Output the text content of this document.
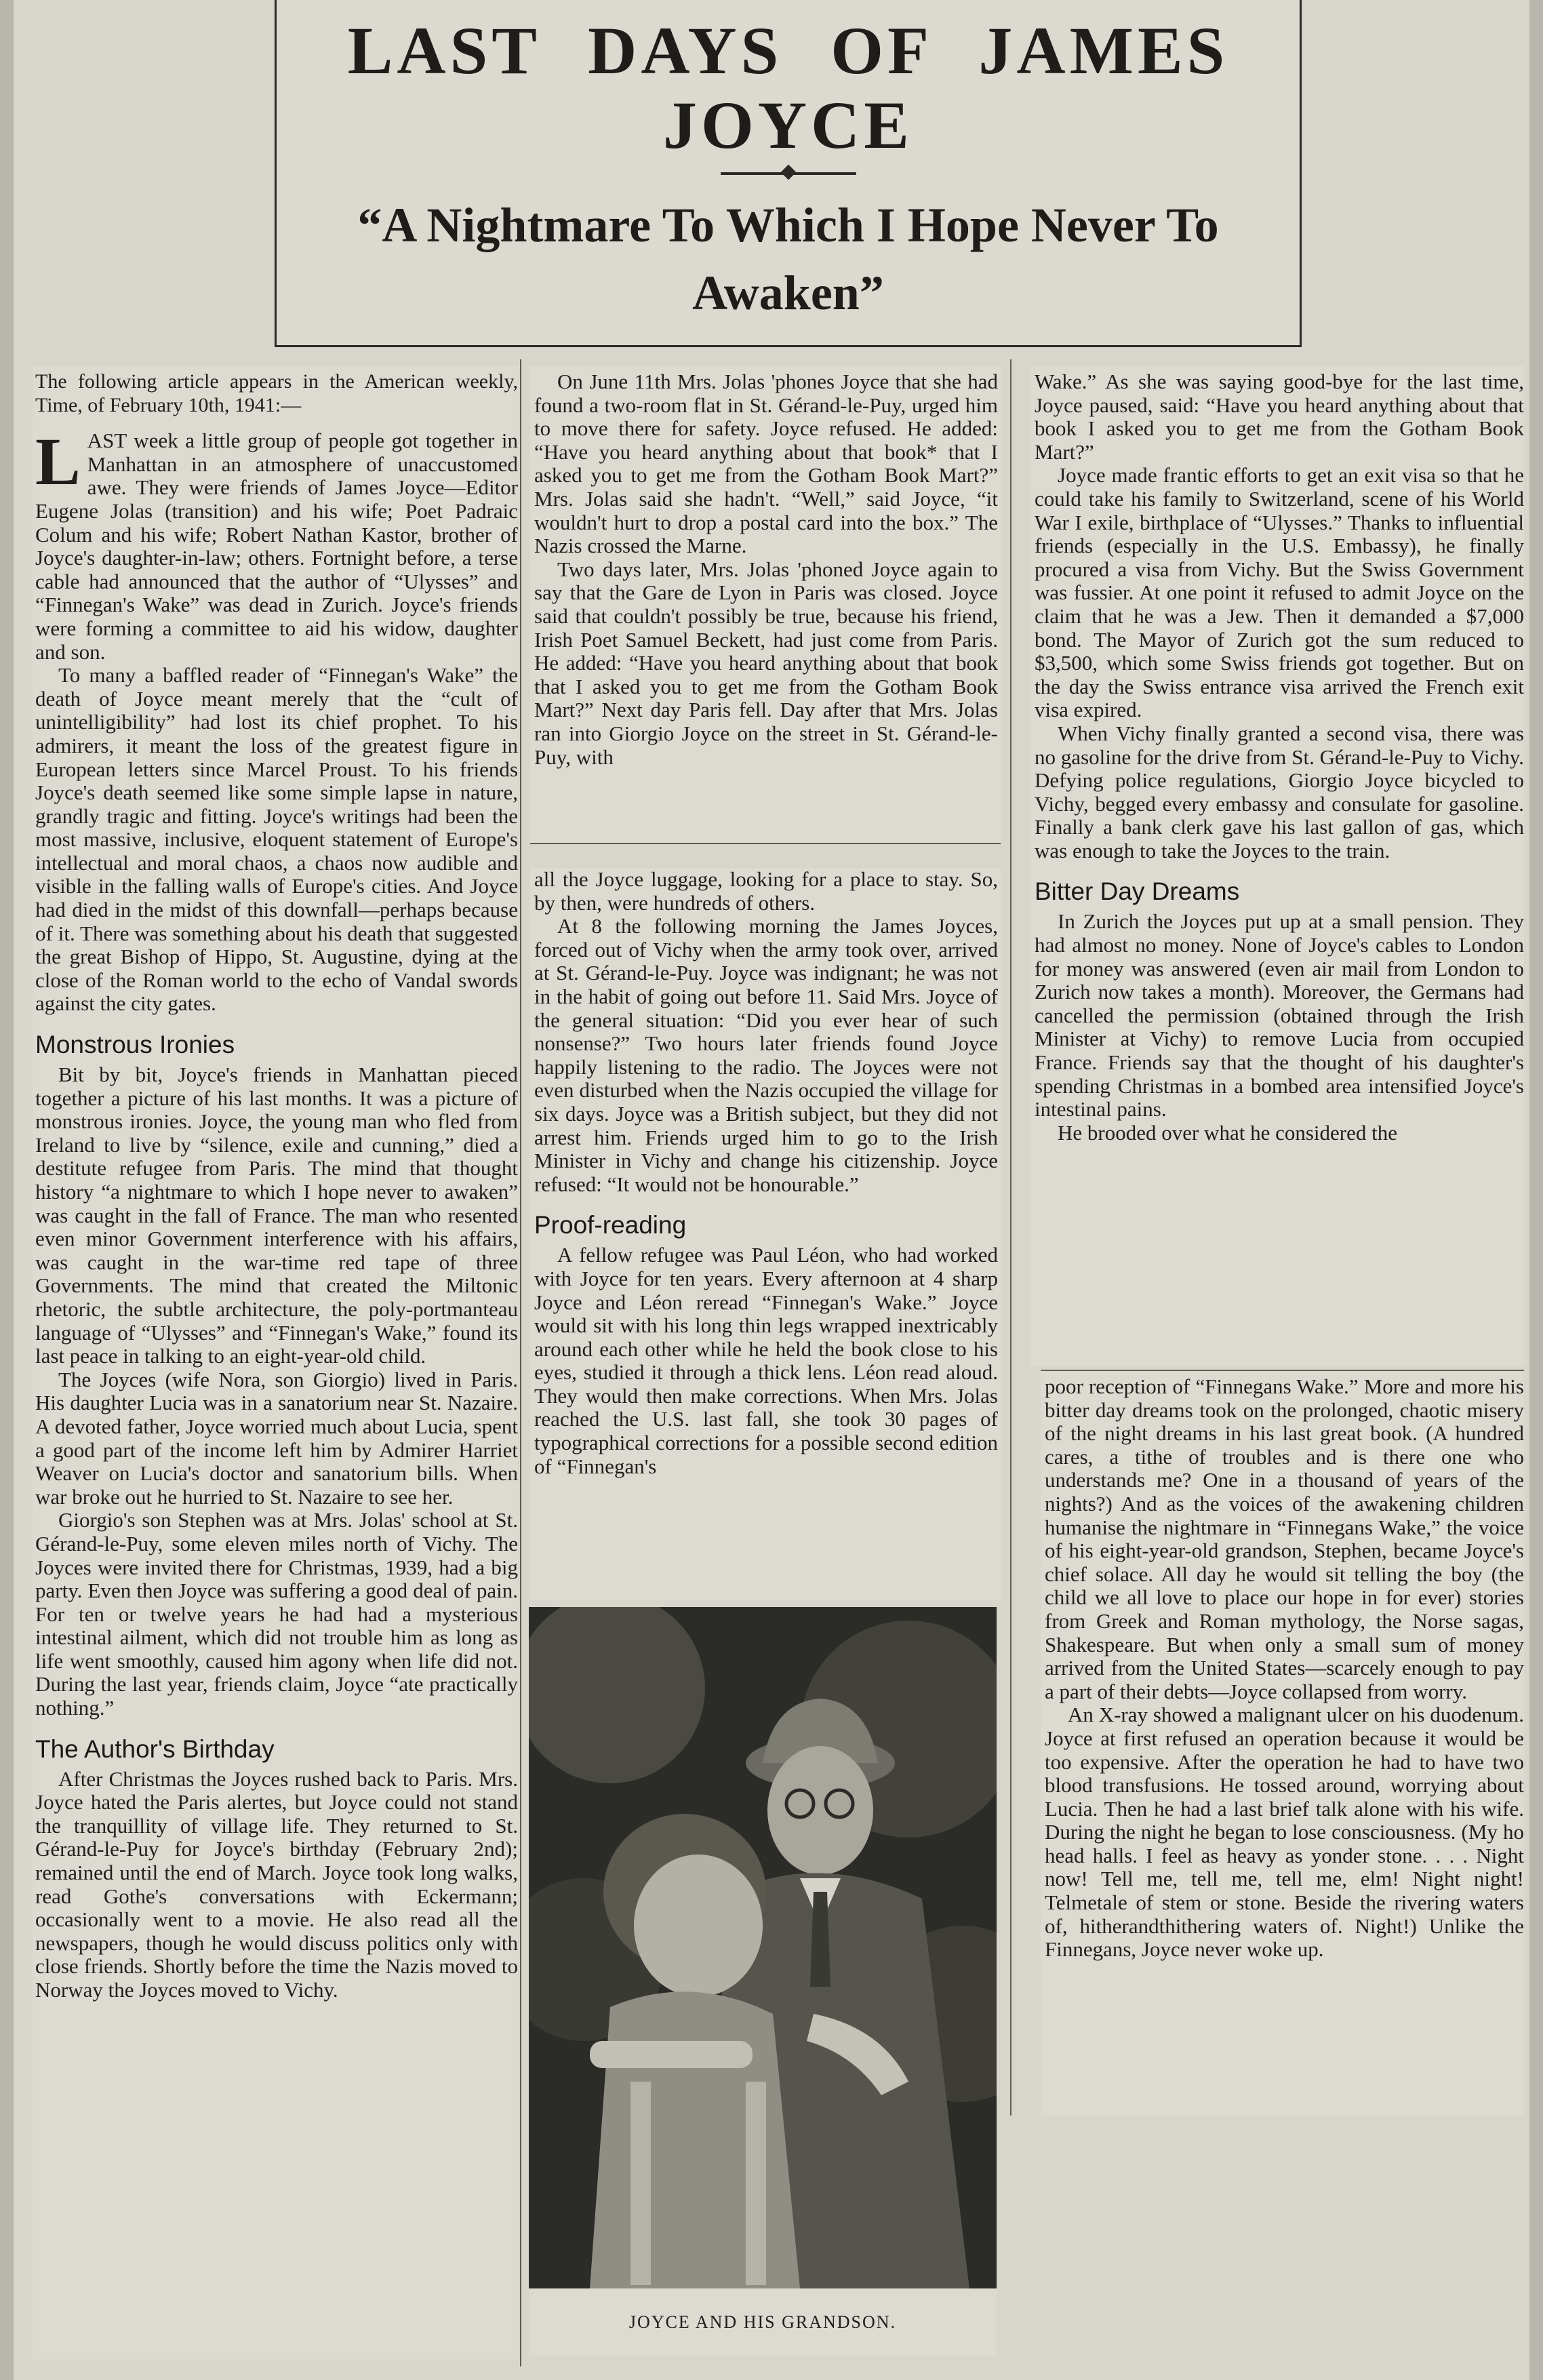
LAST DAYS OF JAMES JOYCE
“A Nightmare To Which I Hope Never To Awaken”

The following article appears in the American weekly, Time, of February 10th, 1941:—

LAST week a little group of people got together in Manhattan in an atmosphere of unaccustomed awe. They were friends of James Joyce—Editor Eugene Jolas (transition) and his wife; Poet Padraic Colum and his wife; Robert Nathan Kastor, brother of Joyce's daughter-in-law; others. Fortnight before, a terse cable had announced that the author of “Ulysses” and “Finnegan's Wake” was dead in Zurich. Joyce's friends were forming a committee to aid his widow, daughter and son.

To many a baffled reader of “Finnegan's Wake” the death of Joyce meant merely that the “cult of unintelligibility” had lost its chief prophet. To his admirers, it meant the loss of the greatest figure in European letters since Marcel Proust. To his friends Joyce's death seemed like some simple lapse in nature, grandly tragic and fitting. Joyce's writings had been the most massive, inclusive, eloquent statement of Europe's intellectual and moral chaos, a chaos now audible and visible in the falling walls of Europe's cities. And Joyce had died in the midst of this downfall—perhaps because of it. There was something about his death that suggested the great Bishop of Hippo, St. Augustine, dying at the close of the Roman world to the echo of Vandal swords against the city gates.

Monstrous Ironies

Bit by bit, Joyce's friends in Manhattan pieced together a picture of his last months. It was a picture of monstrous ironies. Joyce, the young man who fled from Ireland to live by “silence, exile and cunning,” died a destitute refugee from Paris. The mind that thought history “a nightmare to which I hope never to awaken” was caught in the fall of France. The man who resented even minor Government interference with his affairs, was caught in the war-time red tape of three Governments. The mind that created the Miltonic rhetoric, the subtle architecture, the poly-portmanteau language of “Ulysses” and “Finnegan's Wake,” found its last peace in talking to an eight-year-old child.

The Joyces (wife Nora, son Giorgio) lived in Paris. His daughter Lucia was in a sanatorium near St. Nazaire. A devoted father, Joyce worried much about Lucia, spent a good part of the income left him by Admirer Harriet Weaver on Lucia's doctor and sanatorium bills. When war broke out he hurried to St. Nazaire to see her.

Giorgio's son Stephen was at Mrs. Jolas' school at St. Gérand-le-Puy, some eleven miles north of Vichy. The Joyces were invited there for Christmas, 1939, had a big party. Even then Joyce was suffering a good deal of pain. For ten or twelve years he had had a mysterious intestinal ailment, which did not trouble him as long as life went smoothly, caused him agony when life did not. During the last year, friends claim, Joyce “ate practically nothing.”

The Author's Birthday

After Christmas the Joyces rushed back to Paris. Mrs. Joyce hated the Paris alertes, but Joyce could not stand the tranquillity of village life. They returned to St. Gérand-le-Puy for Joyce's birthday (February 2nd); remained until the end of March. Joyce took long walks, read Gothe's conversations with Eckermann; occasionally went to a movie. He also read all the newspapers, though he would discuss politics only with close friends. Shortly before the time the Nazis moved to Norway the Joyces moved to Vichy.

On June 11th Mrs. Jolas 'phones Joyce that she had found a two-room flat in St. Gérand-le-Puy, urged him to move there for safety. Joyce refused. He added: “Have you heard anything about that book* that I asked you to get me from the Gotham Book Mart?” Mrs. Jolas said she hadn't. “Well,” said Joyce, “it wouldn't hurt to drop a postal card into the box.” The Nazis crossed the Marne.

Two days later, Mrs. Jolas 'phoned Joyce again to say that the Gare de Lyon in Paris was closed. Joyce said that couldn't possibly be true, because his friend, Irish Poet Samuel Beckett, had just come from Paris. He added: “Have you heard anything about that book that I asked you to get me from the Gotham Book Mart?” Next day Paris fell. Day after that Mrs. Jolas ran into Giorgio Joyce on the street in St. Gérand-le-Puy, with

all the Joyce luggage, looking for a place to stay. So, by then, were hundreds of others.

At 8 the following morning the James Joyces, forced out of Vichy when the army took over, arrived at St. Gérand-le-Puy. Joyce was indignant; he was not in the habit of going out before 11. Said Mrs. Joyce of the general situation: “Did you ever hear of such nonsense?” Two hours later friends found Joyce happily listening to the radio. The Joyces were not even disturbed when the Nazis occupied the village for six days. Joyce was a British subject, but they did not arrest him. Friends urged him to go to the Irish Minister in Vichy and change his citizenship. Joyce refused: “It would not be honourable.”

Proof-reading

A fellow refugee was Paul Léon, who had worked with Joyce for ten years. Every afternoon at 4 sharp Joyce and Léon reread “Finnegan's Wake.” Joyce would sit with his long thin legs wrapped inextricably around each other while he held the book close to his eyes, studied it through a thick lens. Léon read aloud. They would then make corrections. When Mrs. Jolas reached the U.S. last fall, she took 30 pages of typographical corrections for a possible second edition of “Finnegan's

JOYCE AND HIS GRANDSON.

Wake.” As she was saying good-bye for the last time, Joyce paused, said: “Have you heard anything about that book I asked you to get me from the Gotham Book Mart?”

Joyce made frantic efforts to get an exit visa so that he could take his family to Switzerland, scene of his World War I exile, birthplace of “Ulysses.” Thanks to influential friends (especially in the U.S. Embassy), he finally procured a visa from Vichy. But the Swiss Government was fussier. At one point it refused to admit Joyce on the claim that he was a Jew. Then it demanded a $7,000 bond. The Mayor of Zurich got the sum reduced to $3,500, which some Swiss friends got together. But on the day the Swiss entrance visa arrived the French exit visa expired.

When Vichy finally granted a second visa, there was no gasoline for the drive from St. Gérand-le-Puy to Vichy. Defying police regulations, Giorgio Joyce bicycled to Vichy, begged every embassy and consulate for gasoline. Finally a bank clerk gave his last gallon of gas, which was enough to take the Joyces to the train.

Bitter Day Dreams

In Zurich the Joyces put up at a small pension. They had almost no money. None of Joyce's cables to London for money was answered (even air mail from London to Zurich now takes a month). Moreover, the Germans had cancelled the permission (obtained through the Irish Minister at Vichy) to remove Lucia from occupied France. Friends say that the thought of his daughter's spending Christmas in a bombed area intensified Joyce's intestinal pains.

He brooded over what he considered the

poor reception of “Finnegans Wake.” More and more his bitter day dreams took on the prolonged, chaotic misery of the night dreams in his last great book. (A hundred cares, a tithe of troubles and is there one who understands me? One in a thousand of years of the nights?) And as the voices of the awakening children humanise the nightmare in “Finnegans Wake,” the voice of his eight-year-old grandson, Stephen, became Joyce's chief solace. All day he would sit telling the boy (the child we all love to place our hope in for ever) stories from Greek and Roman mythology, the Norse sagas, Shakespeare. But when only a small sum of money arrived from the United States—scarcely enough to pay a part of their debts—Joyce collapsed from worry.

An X-ray showed a malignant ulcer on his duodenum. Joyce at first refused an operation because it would be too expensive. After the operation he had to have two blood transfusions. He tossed around, worrying about Lucia. Then he had a last brief talk alone with his wife. During the night he began to lose consciousness. (My ho head halls. I feel as heavy as yonder stone. . . . Night now! Tell me, tell me, tell me, elm! Night night! Telmetale of stem or stone. Beside the rivering waters of, hitherandthithering waters of. Night!) Unlike the Finnegans, Joyce never woke up.
